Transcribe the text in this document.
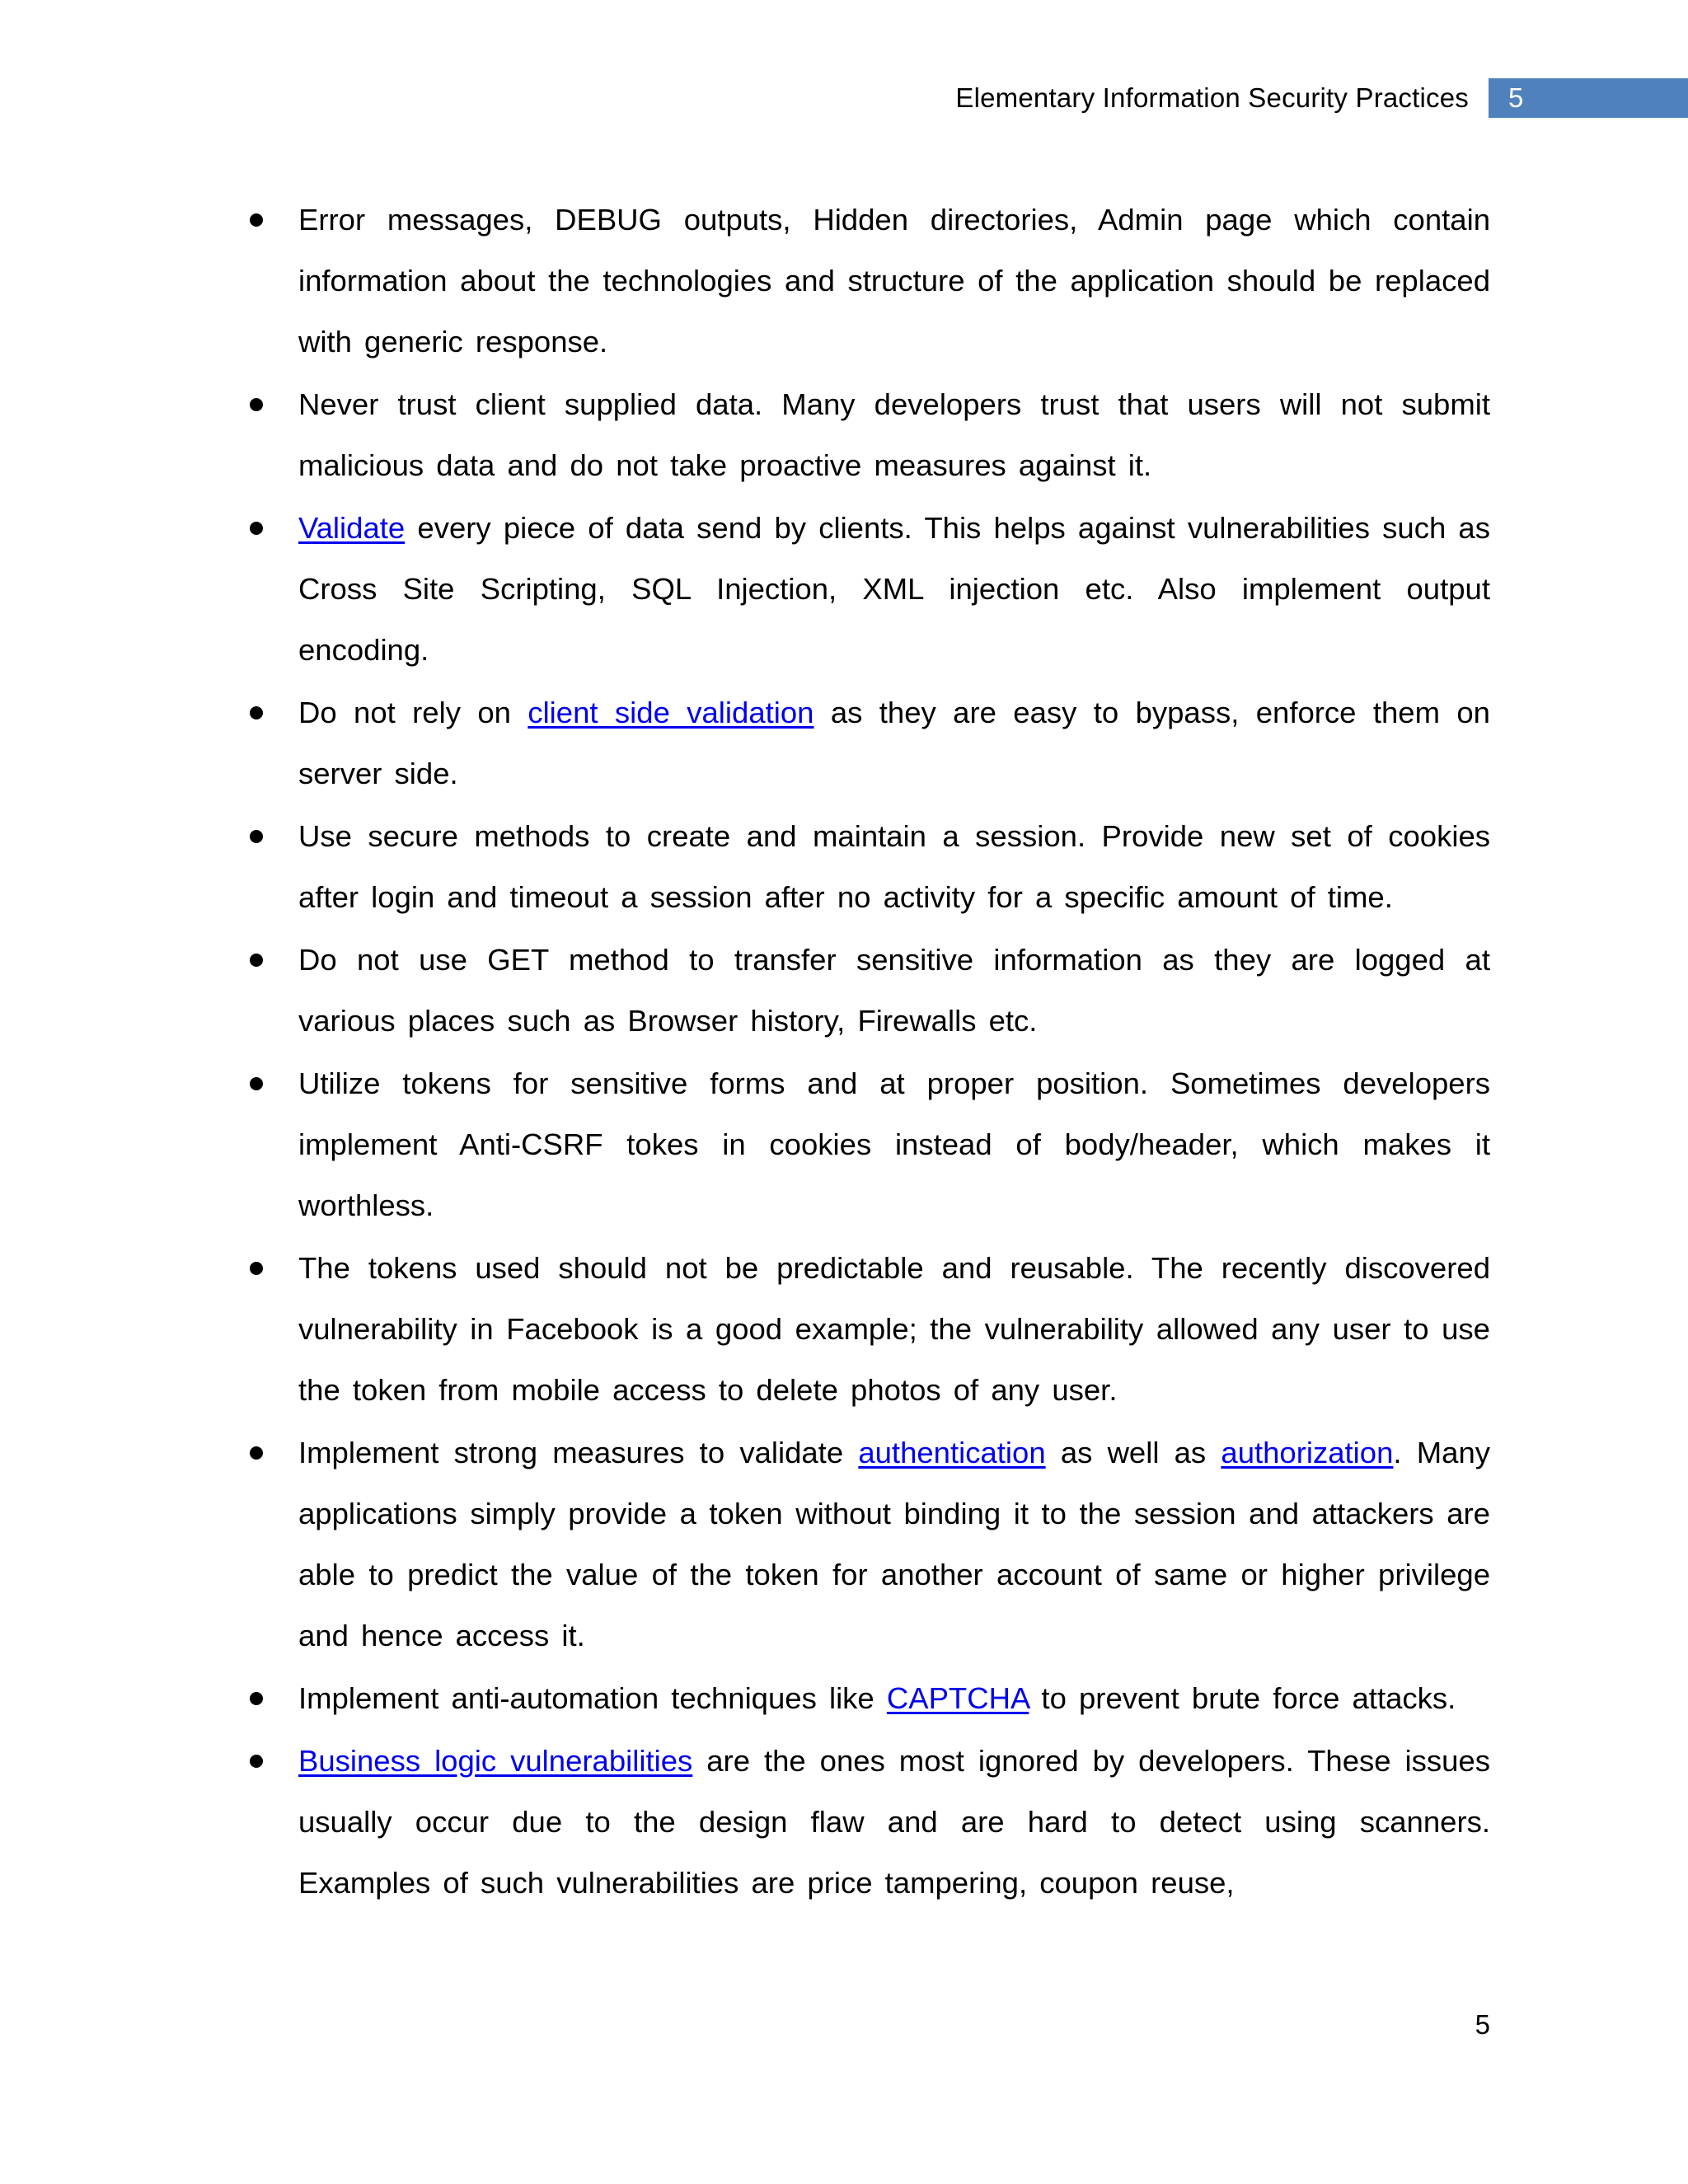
Elementary Information Security Practices 5
Error messages, DEBUG outputs, Hidden directories, Admin page which contain information about the technologies and structure of the application should be replaced with generic response.
Never trust client supplied data. Many developers trust that users will not submit malicious data and do not take proactive measures against it.
Validate every piece of data send by clients. This helps against vulnerabilities such as Cross Site Scripting, SQL Injection, XML injection etc. Also implement output encoding.
Do not rely on client side validation as they are easy to bypass, enforce them on server side.
Use secure methods to create and maintain a session. Provide new set of cookies after login and timeout a session after no activity for a specific amount of time.
Do not use GET method to transfer sensitive information as they are logged at various places such as Browser history, Firewalls etc.
Utilize tokens for sensitive forms and at proper position. Sometimes developers implement Anti-CSRF tokes in cookies instead of body/header, which makes it worthless.
The tokens used should not be predictable and reusable. The recently discovered vulnerability in Facebook is a good example; the vulnerability allowed any user to use the token from mobile access to delete photos of any user.
Implement strong measures to validate authentication as well as authorization. Many applications simply provide a token without binding it to the session and attackers are able to predict the value of the token for another account of same or higher privilege and hence access it.
Implement anti-automation techniques like CAPTCHA to prevent brute force attacks.
Business logic vulnerabilities are the ones most ignored by developers. These issues usually occur due to the design flaw and are hard to detect using scanners. Examples of such vulnerabilities are price tampering, coupon reuse,
5
